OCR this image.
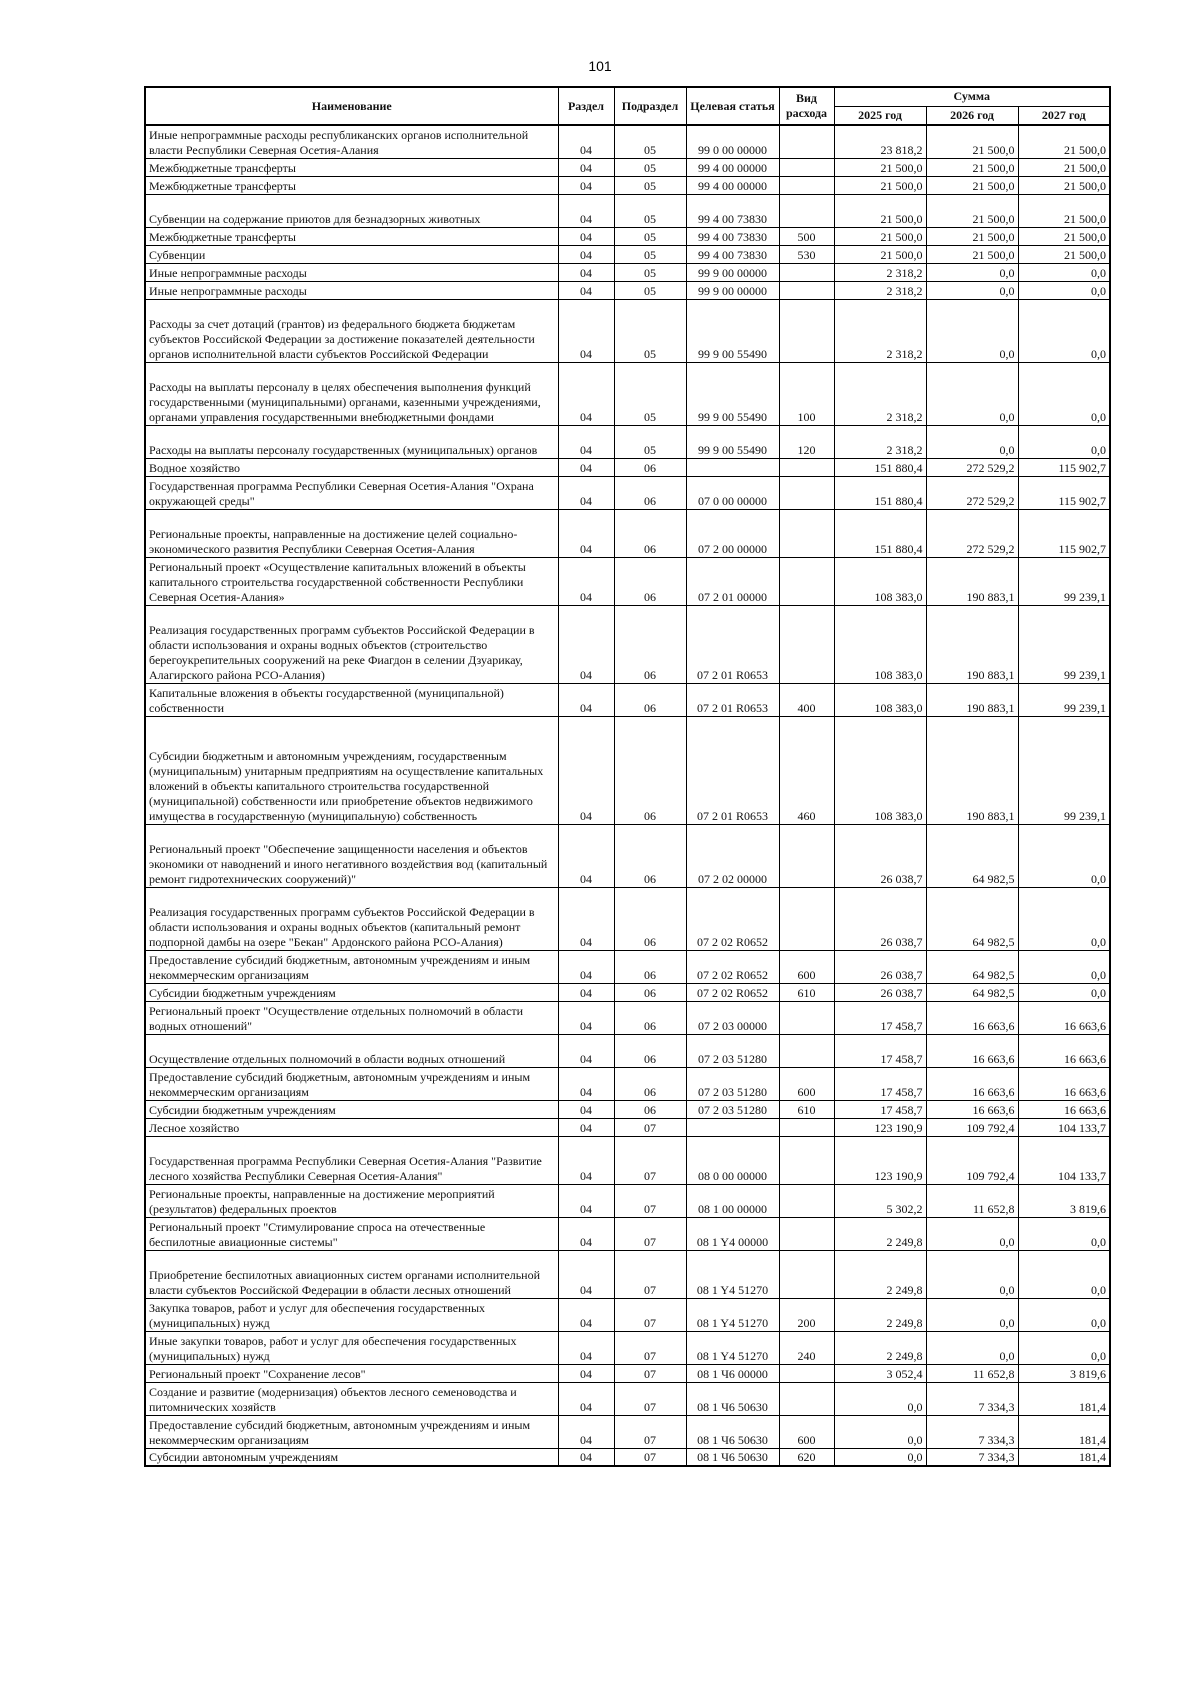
101
Наименование	Раздел	Подраздел	Целевая статья	Вид расхода	Сумма		
					2025 год	2026 год	2027 год
Иные непрограммные расходы республиканских органов исполнительной власти Республики Северная Осетия-Алания	04	05	99 0 00 00000		23 818,2	21 500,0	21 500,0
Межбюджетные трансферты	04	05	99 4 00 00000		21 500,0	21 500,0	21 500,0
Межбюджетные трансферты	04	05	99 4 00 00000		21 500,0	21 500,0	21 500,0
Субвенции на содержание приютов для безнадзорных животных	04	05	99 4 00 73830		21 500,0	21 500,0	21 500,0
Межбюджетные трансферты	04	05	99 4 00 73830	500	21 500,0	21 500,0	21 500,0
Субвенции	04	05	99 4 00 73830	530	21 500,0	21 500,0	21 500,0
Иные непрограммные расходы	04	05	99 9 00 00000		2 318,2	0,0	0,0
Иные непрограммные расходы	04	05	99 9 00 00000		2 318,2	0,0	0,0
Расходы за счет дотаций (грантов) из федерального бюджета бюджетам субъектов Российской Федерации за достижение показателей деятельности органов исполнительной власти субъектов Российской Федерации	04	05	99 9 00 55490		2 318,2	0,0	0,0
Расходы на выплаты персоналу в целях обеспечения выполнения функций государственными (муниципальными) органами, казенными учреждениями, органами управления государственными внебюджетными фондами	04	05	99 9 00 55490	100	2 318,2	0,0	0,0
Расходы на выплаты персоналу государственных (муниципальных) органов	04	05	99 9 00 55490	120	2 318,2	0,0	0,0
Водное хозяйство	04	06			151 880,4	272 529,2	115 902,7
Государственная программа Республики Северная Осетия-Алания "Охрана окружающей среды"	04	06	07 0 00 00000		151 880,4	272 529,2	115 902,7
Региональные проекты, направленные на достижение целей социально-экономического развития Республики Северная Осетия-Алания	04	06	07 2 00 00000		151 880,4	272 529,2	115 902,7
Региональный проект «Осуществление капитальных вложений в объекты капитального строительства государственной собственности Республики Северная Осетия-Алания»	04	06	07 2 01 00000		108 383,0	190 883,1	99 239,1
Реализация государственных программ субъектов Российской Федерации в области использования и охраны водных объектов (строительство берегоукрепительных сооружений на реке Фиагдон в селении Дзуарикау, Алагирского района РСО-Алания)	04	06	07 2 01 R0653		108 383,0	190 883,1	99 239,1
Капитальные вложения в объекты государственной (муниципальной) собственности	04	06	07 2 01 R0653	400	108 383,0	190 883,1	99 239,1
Субсидии бюджетным и автономным учреждениям, государственным (муниципальным) унитарным предприятиям на осуществление капитальных вложений в объекты капитального строительства государственной (муниципальной) собственности или приобретение объектов недвижимого имущества в государственную (муниципальную) собственность	04	06	07 2 01 R0653	460	108 383,0	190 883,1	99 239,1
Региональный проект "Обеспечение защищенности населения и объектов экономики от наводнений и иного негативного воздействия вод (капитальный ремонт гидротехнических сооружений)"	04	06	07 2 02 00000		26 038,7	64 982,5	0,0
Реализация государственных программ субъектов Российской Федерации в области использования и охраны водных объектов (капитальный ремонт подпорной дамбы на озере "Бекан" Ардонского района РСО-Алания)	04	06	07 2 02 R0652		26 038,7	64 982,5	0,0
Предоставление субсидий бюджетным, автономным учреждениям и иным некоммерческим организациям	04	06	07 2 02 R0652	600	26 038,7	64 982,5	0,0
Субсидии бюджетным учреждениям	04	06	07 2 02 R0652	610	26 038,7	64 982,5	0,0
Региональный проект "Осуществление отдельных полномочий в области водных отношений"	04	06	07 2 03 00000		17 458,7	16 663,6	16 663,6
Осуществление отдельных полномочий в области водных отношений	04	06	07 2 03 51280		17 458,7	16 663,6	16 663,6
Предоставление субсидий бюджетным, автономным учреждениям и иным некоммерческим организациям	04	06	07 2 03 51280	600	17 458,7	16 663,6	16 663,6
Субсидии бюджетным учреждениям	04	06	07 2 03 51280	610	17 458,7	16 663,6	16 663,6
Лесное хозяйство	04	07			123 190,9	109 792,4	104 133,7
Государственная программа Республики Северная Осетия-Алания "Развитие лесного хозяйства Республики Северная Осетия-Алания"	04	07	08 0 00 00000		123 190,9	109 792,4	104 133,7
Региональные проекты, направленные на достижение мероприятий (результатов) федеральных проектов	04	07	08 1 00 00000		5 302,2	11 652,8	3 819,6
Региональный проект "Стимулирование спроса на отечественные беспилотные авиационные системы"	04	07	08 1 Y4 00000		2 249,8	0,0	0,0
Приобретение беспилотных авиационных систем органами исполнительной власти субъектов Российской Федерации в области лесных отношений	04	07	08 1 Y4 51270		2 249,8	0,0	0,0
Закупка товаров, работ и услуг для обеспечения государственных (муниципальных) нужд	04	07	08 1 Y4 51270	200	2 249,8	0,0	0,0
Иные закупки товаров, работ и услуг для обеспечения государственных (муниципальных) нужд	04	07	08 1 Y4 51270	240	2 249,8	0,0	0,0
Региональный проект "Сохранение лесов"	04	07	08 1 Ч6 00000		3 052,4	11 652,8	3 819,6
Создание и развитие (модернизация) объектов лесного семеноводства и питомнических хозяйств	04	07	08 1 Ч6 50630		0,0	7 334,3	181,4
Предоставление субсидий бюджетным, автономным учреждениям и иным некоммерческим организациям	04	07	08 1 Ч6 50630	600	0,0	7 334,3	181,4
Субсидии автономным учреждениям	04	07	08 1 Ч6 50630	620	0,0	7 334,3	181,4
